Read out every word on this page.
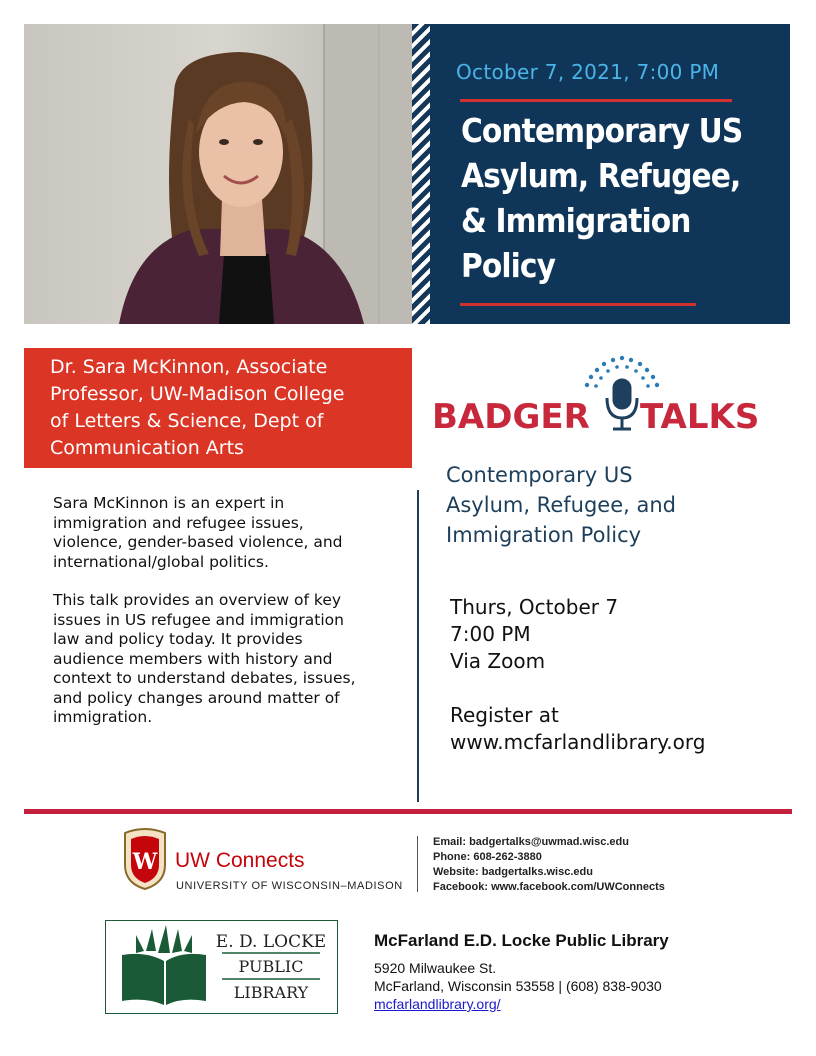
October 7, 2021, 7:00 PM
Contemporary US
Asylum, Refugee,
& Immigration
Policy
Dr. Sara McKinnon, Associate
Professor, UW-Madison College
of Letters & Science, Dept of
Communication Arts

Sara McKinnon is an expert in immigration and refugee issues, violence, gender-based violence, and international/global politics.

This talk provides an overview of key issues in US refugee and immigration law and policy today. It provides audience members with history and context to understand debates, issues, and policy changes around matter of immigration.

BADGER TALKS
Contemporary US
Asylum, Refugee, and
Immigration Policy
Thurs, October 7
7:00 PM
Via Zoom
Register at
www.mcfarlandlibrary.org
W UW Connects
UNIVERSITY OF WISCONSIN–MADISON
Email: badgertalks@uwmad.wisc.edu
Phone: 608-262-3880
Website: badgertalks.wisc.edu
Facebook: www.facebook.com/UWConnects
E. D. LOCKE
PUBLIC
LIBRARY
McFarland E.D. Locke Public Library
5920 Milwaukee St.
McFarland, Wisconsin 53558 | (608) 838-9030
mcfarlandlibrary.org/
